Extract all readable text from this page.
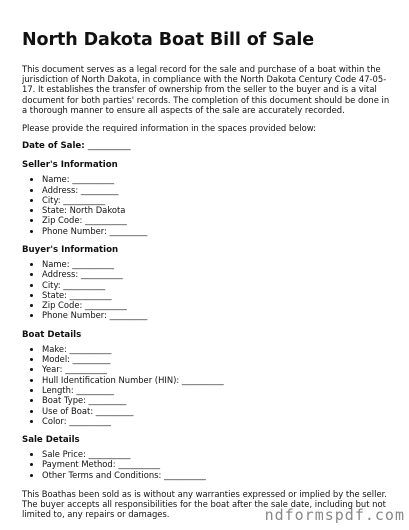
North Dakota Boat Bill of Sale

This document serves as a legal record for the sale and purchase of a boat within the jurisdiction of North Dakota, in compliance with the North Dakota Century Code 47-05-17. It establishes the transfer of ownership from the seller to the buyer and is a vital document for both parties' records. The completion of this document should be done in a thorough manner to ensure all aspects of the sale are accurately recorded.

Please provide the required information in the spaces provided below:

Date of Sale: __________
Seller's Information
• Name: __________
• Address: _________
• City: __________
• State: North Dakota
• Zip Code: __________
• Phone Number: _________
Buyer's Information
• Name: __________
• Address: __________
• City: __________
• State: __________
• Zip Code: __________
• Phone Number: _________
Boat Details
• Make: __________
• Model: _________
• Year: __________
• Hull Identification Number (HIN): __________
• Length: _________
• Boat Type: _________
• Use of Boat: _________
• Color: __________
Sale Details
• Sale Price: __________
• Payment Method: __________
• Other Terms and Conditions: __________

This Boathas been sold as is without any warranties expressed or implied by the seller. The buyer accepts all responsibilities for the boat after the sale date, including but not limited to, any repairs or damages.	ndformspdf.com
